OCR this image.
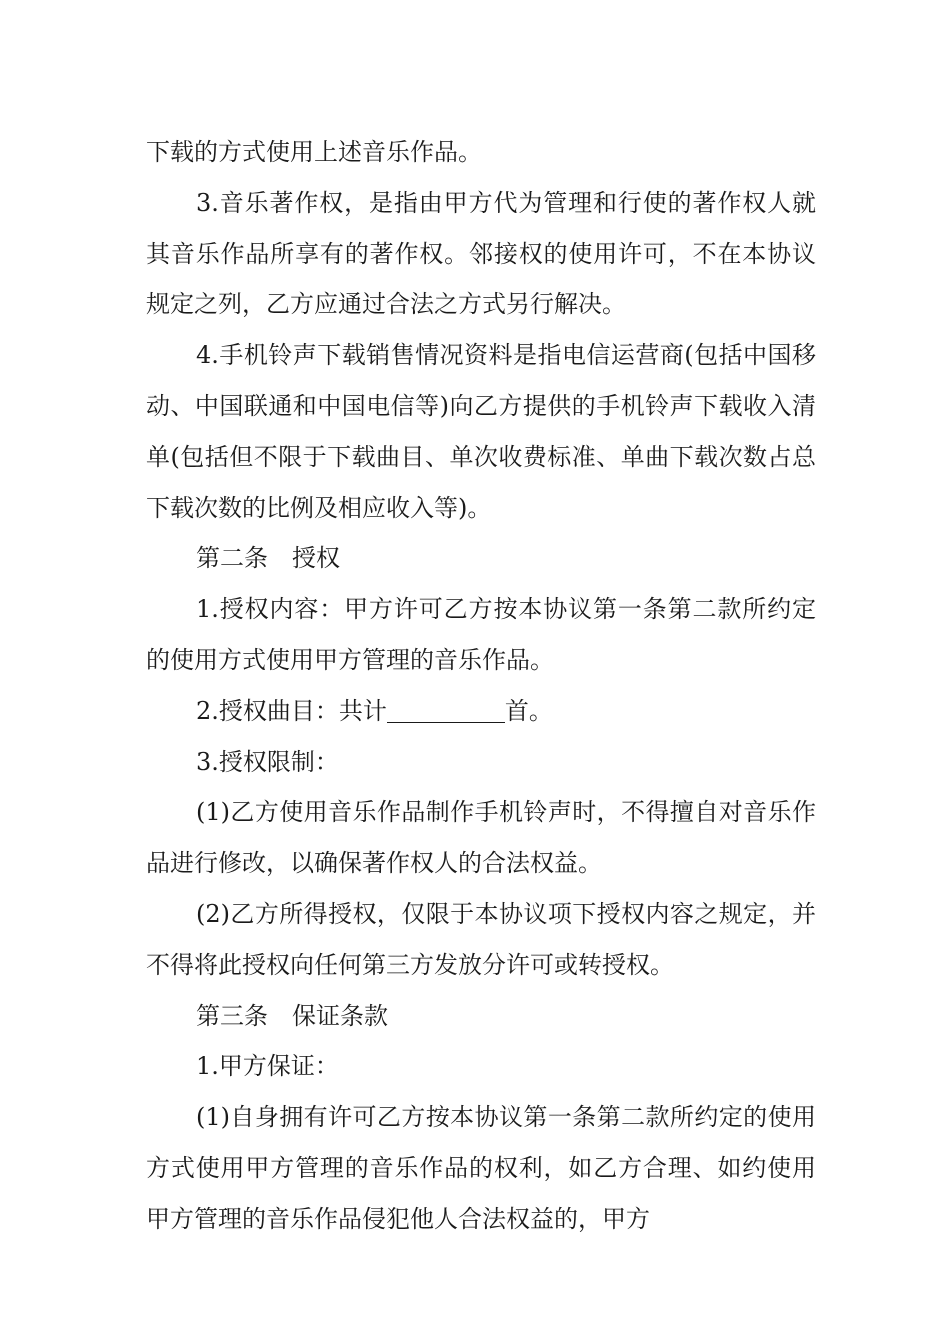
下载的方式使用上述音乐作品。

3.音乐著作权，是指由甲方代为管理和行使的著作权人就其音乐作品所享有的著作权。邻接权的使用许可，不在本协议规定之列，乙方应通过合法之方式另行解决。

4.手机铃声下载销售情况资料是指电信运营商(包括中国移动、中国联通和中国电信等)向乙方提供的手机铃声下载收入清单(包括但不限于下载曲目、单次收费标准、单曲下载次数占总下载次数的比例及相应收入等)。

第二条　授权

1.授权内容：甲方许可乙方按本协议第一条第二款所约定的使用方式使用甲方管理的音乐作品。

2.授权曲目：共计	首。

3.授权限制：

(1)乙方使用音乐作品制作手机铃声时，不得擅自对音乐作品进行修改，以确保著作权人的合法权益。

(2)乙方所得授权，仅限于本协议项下授权内容之规定，并不得将此授权向任何第三方发放分许可或转授权。

第三条　保证条款

1.甲方保证：

(1)自身拥有许可乙方按本协议第一条第二款所约定的使用方式使用甲方管理的音乐作品的权利，如乙方合理、如约使用甲方管理的音乐作品侵犯他人合法权益的，甲方
